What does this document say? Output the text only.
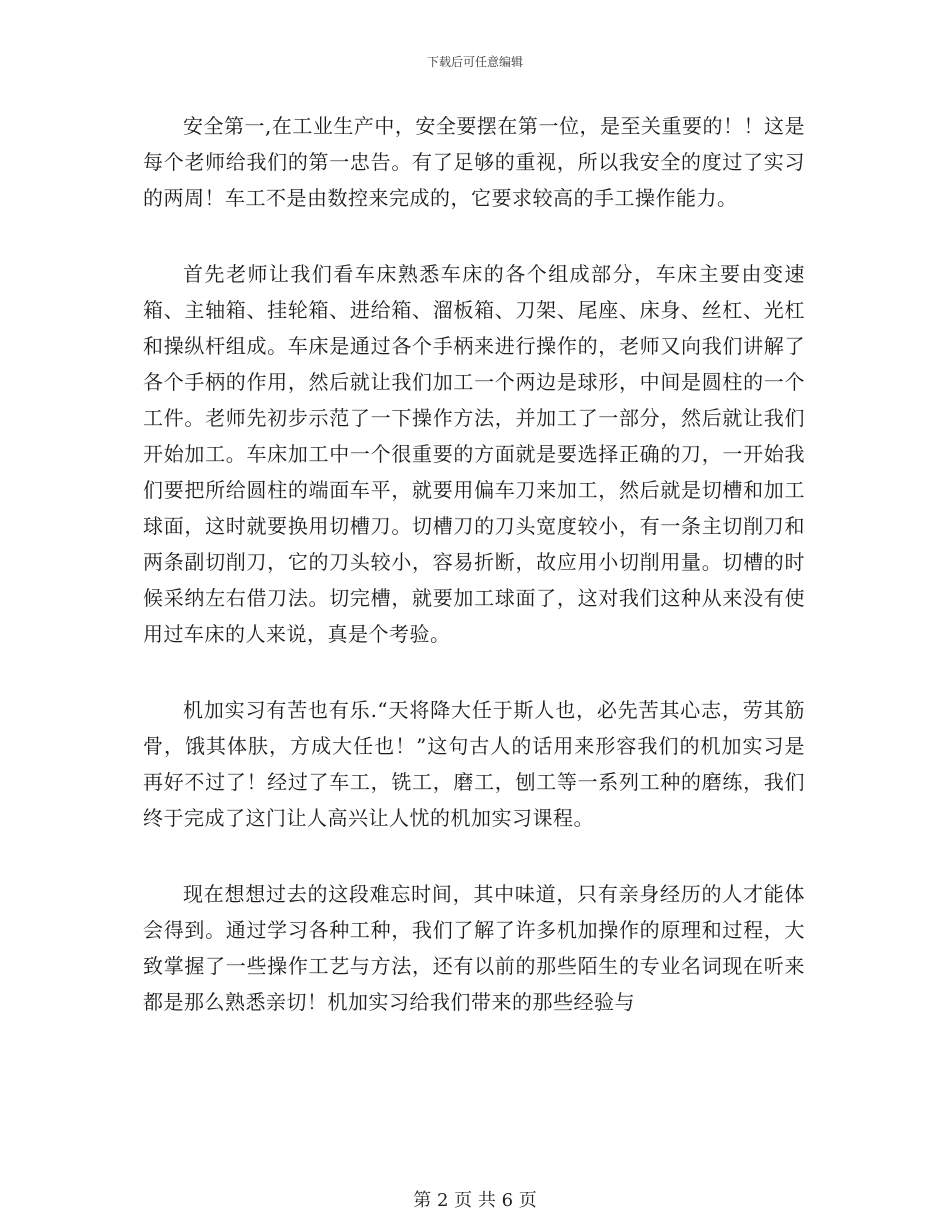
下载后可任意编辑

安全第一,在工业生产中，安全要摆在第一位，是至关重要的！！这是每个老师给我们的第一忠告。有了足够的重视，所以我安全的度过了实习的两周！车工不是由数控来完成的，它要求较高的手工操作能力。

首先老师让我们看车床熟悉车床的各个组成部分，车床主要由变速箱、主轴箱、挂轮箱、进给箱、溜板箱、刀架、尾座、床身、丝杠、光杠和操纵杆组成。车床是通过各个手柄来进行操作的，老师又向我们讲解了各个手柄的作用，然后就让我们加工一个两边是球形，中间是圆柱的一个工件。老师先初步示范了一下操作方法，并加工了一部分，然后就让我们开始加工。车床加工中一个很重要的方面就是要选择正确的刀，一开始我们要把所给圆柱的端面车平，就要用偏车刀来加工，然后就是切槽和加工球面，这时就要换用切槽刀。切槽刀的刀头宽度较小，有一条主切削刀和两条副切削刀，它的刀头较小，容易折断，故应用小切削用量。切槽的时候采纳左右借刀法。切完槽，就要加工球面了，这对我们这种从来没有使用过车床的人来说，真是个考验。

机加实习有苦也有乐.“天将降大任于斯人也，必先苦其心志，劳其筋骨，饿其体肤，方成大任也！”这句古人的话用来形容我们的机加实习是再好不过了！经过了车工，铣工，磨工，刨工等一系列工种的磨练，我们终于完成了这门让人高兴让人忧的机加实习课程。

现在想想过去的这段难忘时间，其中味道，只有亲身经历的人才能体会得到。通过学习各种工种，我们了解了许多机加操作的原理和过程，大致掌握了一些操作工艺与方法，还有以前的那些陌生的专业名词现在听来都是那么熟悉亲切！机加实习给我们带来的那些经验与

第 2 页 共 6 页
